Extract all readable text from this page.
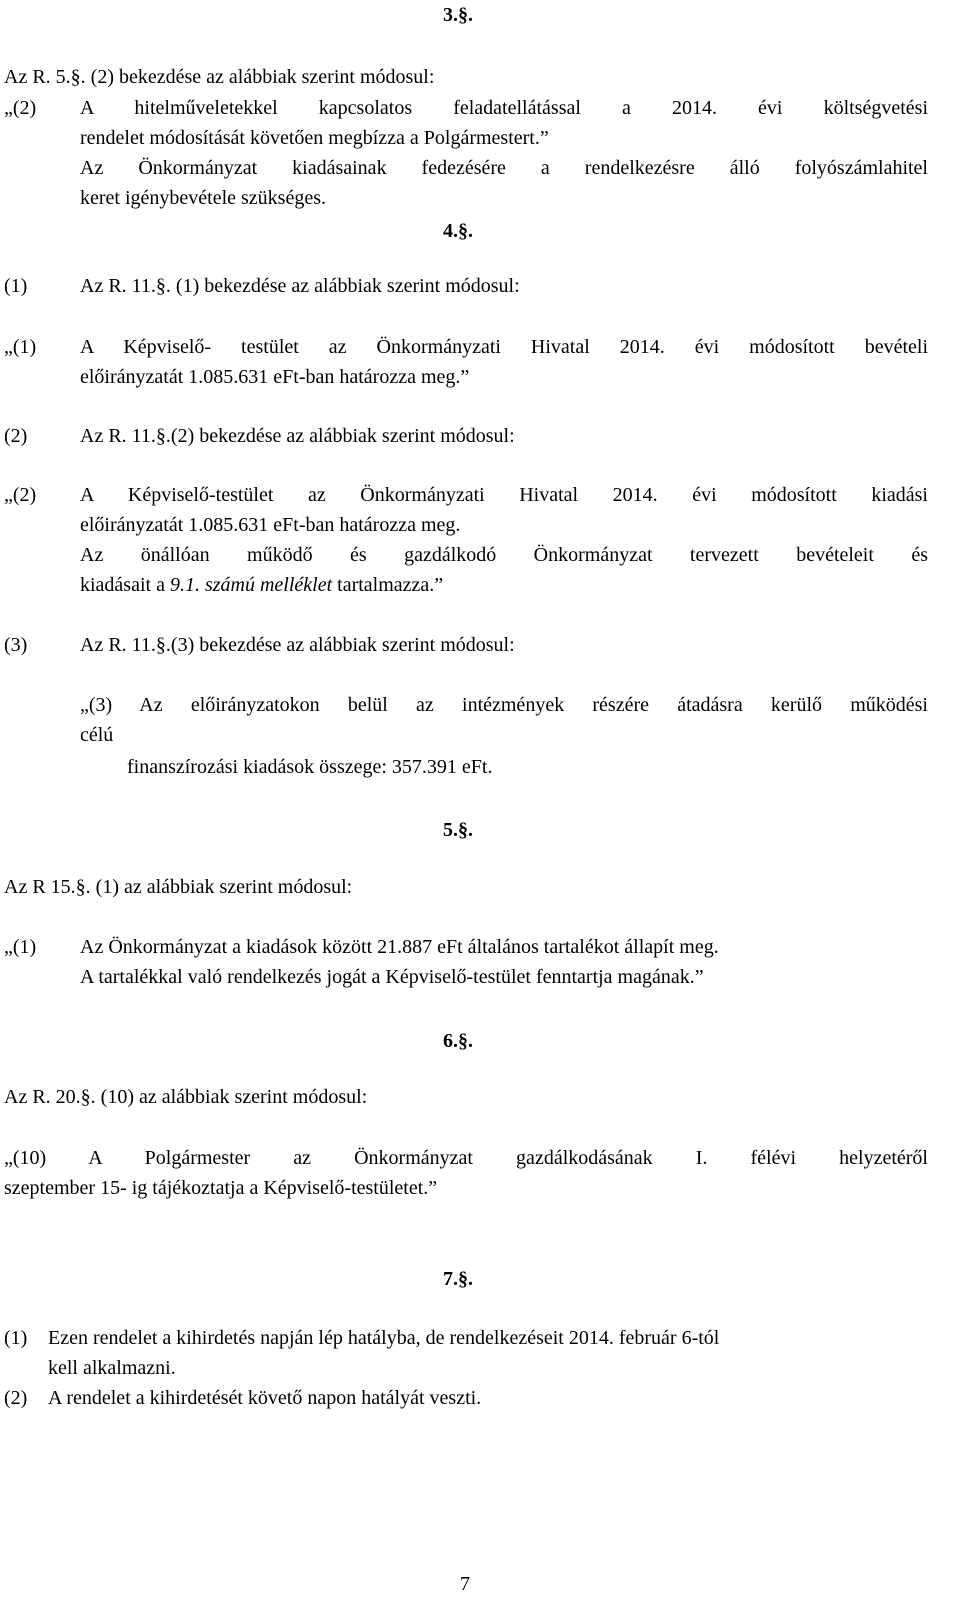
3.§.
Az R. 5.§. (2) bekezdése az alábbiak szerint módosul:
„(2) A hitelműveletekkel kapcsolatos feladatellátással a 2014. évi költségvetési
rendelet módosítását követően megbízza a Polgármestert.”
Az Önkormányzat kiadásainak fedezésére a rendelkezésre álló folyószámlahitel
keret igénybevétele szükséges.
4.§.
(1)	Az R. 11.§. (1) bekezdése az alábbiak szerint módosul:
„(1) A Képviselő- testület az Önkormányzati Hivatal 2014. évi módosított bevételi
előirányzatát 1.085.631 eFt-ban határozza meg.”
(2)	Az R. 11.§.(2) bekezdése az alábbiak szerint módosul:
„(2) A Képviselő-testület az Önkormányzati Hivatal 2014. évi módosított kiadási
előirányzatát 1.085.631 eFt-ban határozza meg.
Az önállóan működő és gazdálkodó Önkormányzat tervezett bevételeit és
kiadásait a 9.1. számú melléklet tartalmazza.”
(3)	Az R. 11.§.(3) bekezdése az alábbiak szerint módosul:
„(3) Az előirányzatokon belül az intézmények részére átadásra kerülő működési
célú
finanszírozási kiadások összege: 357.391 eFt.
5.§.
Az R 15.§. (1) az alábbiak szerint módosul:
„(1) Az Önkormányzat a kiadások között 21.887 eFt általános tartalékot állapít meg.
A tartalékkal való rendelkezés jogát a Képviselő-testület fenntartja magának.”
6.§.
Az R. 20.§. (10) az alábbiak szerint módosul:
„(10) A Polgármester az Önkormányzat gazdálkodásának I. félévi helyzetéről
szeptember 15- ig tájékoztatja a Képviselő-testületet.”
7.§.
(1) Ezen rendelet a kihirdetés napján lép hatályba, de rendelkezéseit 2014. február 6-tól
kell alkalmazni.
(2) A rendelet a kihirdetését követő napon hatályát veszti.
7
